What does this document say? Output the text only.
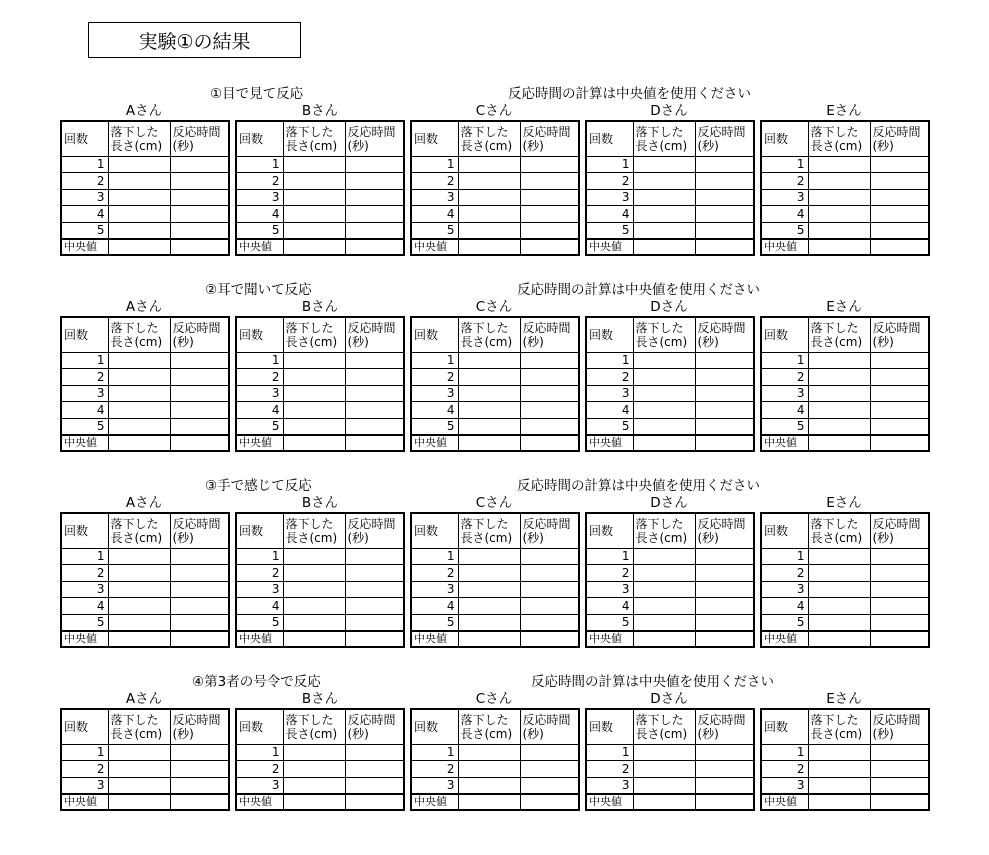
実験①の結果
①目で見て反応	反応時間の計算は中央値を使用ください
Aさん
回数	落下した長さ(cm)	反応時間(秒)
1		
2		
3		
4		
5		
中央値		
Bさん
回数	落下した長さ(cm)	反応時間(秒)
1		
2		
3		
4		
5		
中央値		
Cさん
回数	落下した長さ(cm)	反応時間(秒)
1		
2		
3		
4		
5		
中央値		
Dさん
回数	落下した長さ(cm)	反応時間(秒)
1		
2		
3		
4		
5		
中央値		
Eさん
回数	落下した長さ(cm)	反応時間(秒)
1		
2		
3		
4		
5		
中央値		
②耳で聞いて反応	反応時間の計算は中央値を使用ください
Aさん
回数	落下した長さ(cm)	反応時間(秒)
1		
2		
3		
4		
5		
中央値		
Bさん
回数	落下した長さ(cm)	反応時間(秒)
1		
2		
3		
4		
5		
中央値		
Cさん
回数	落下した長さ(cm)	反応時間(秒)
1		
2		
3		
4		
5		
中央値		
Dさん
回数	落下した長さ(cm)	反応時間(秒)
1		
2		
3		
4		
5		
中央値		
Eさん
回数	落下した長さ(cm)	反応時間(秒)
1		
2		
3		
4		
5		
中央値		
③手で感じて反応	反応時間の計算は中央値を使用ください
Aさん
回数	落下した長さ(cm)	反応時間(秒)
1		
2		
3		
4		
5		
中央値		
Bさん
回数	落下した長さ(cm)	反応時間(秒)
1		
2		
3		
4		
5		
中央値		
Cさん
回数	落下した長さ(cm)	反応時間(秒)
1		
2		
3		
4		
5		
中央値		
Dさん
回数	落下した長さ(cm)	反応時間(秒)
1		
2		
3		
4		
5		
中央値		
Eさん
回数	落下した長さ(cm)	反応時間(秒)
1		
2		
3		
4		
5		
中央値		
④第3者の号令で反応	反応時間の計算は中央値を使用ください
Aさん
回数	落下した長さ(cm)	反応時間(秒)
1		
2		
3		
中央値		
Bさん
回数	落下した長さ(cm)	反応時間(秒)
1		
2		
3		
中央値		
Cさん
回数	落下した長さ(cm)	反応時間(秒)
1		
2		
3		
中央値		
Dさん
回数	落下した長さ(cm)	反応時間(秒)
1		
2		
3		
中央値		
Eさん
回数	落下した長さ(cm)	反応時間(秒)
1		
2		
3		
中央値		
